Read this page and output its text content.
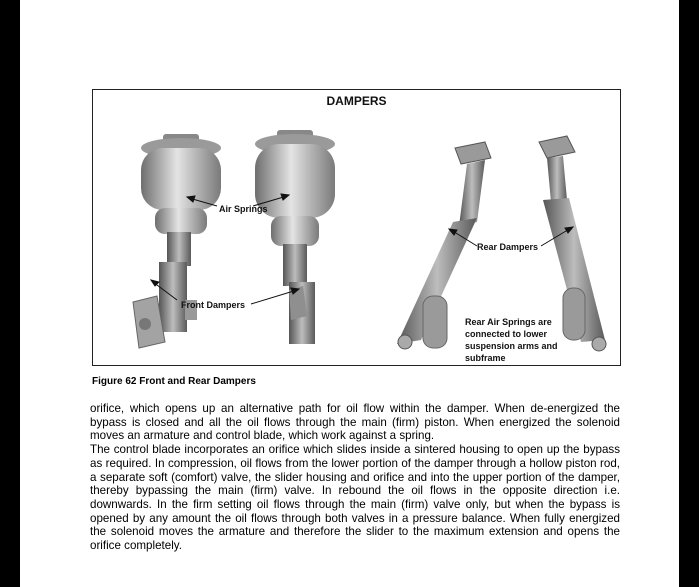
DAMPERS
Air Springs
Front Dampers
Rear Dampers
Rear Air Springs are connected to lower suspension arms and subframe
Figure 62 Front and Rear Dampers

orifice, which opens up an alternative path for oil flow within the damper. When de-energized the bypass is closed and all the oil flows through the main (firm) piston. When energized the solenoid moves an armature and control blade, which work against a spring.

The control blade incorporates an orifice which slides inside a sintered housing to open up the bypass as required. In compression, oil flows from the lower portion of the damper through a hollow piston rod, a separate soft (comfort) valve, the slider housing and orifice and into the upper portion of the damper, thereby bypassing the main (firm) valve. In rebound the oil flows in the opposite direction i.e. downwards. In the firm setting oil flows through the main (firm) valve only, but when the bypass is opened by any amount the oil flows through both valves in a pressure balance. When fully energized the solenoid moves the armature and therefore the slider to the maximum extension and opens the orifice completely.
